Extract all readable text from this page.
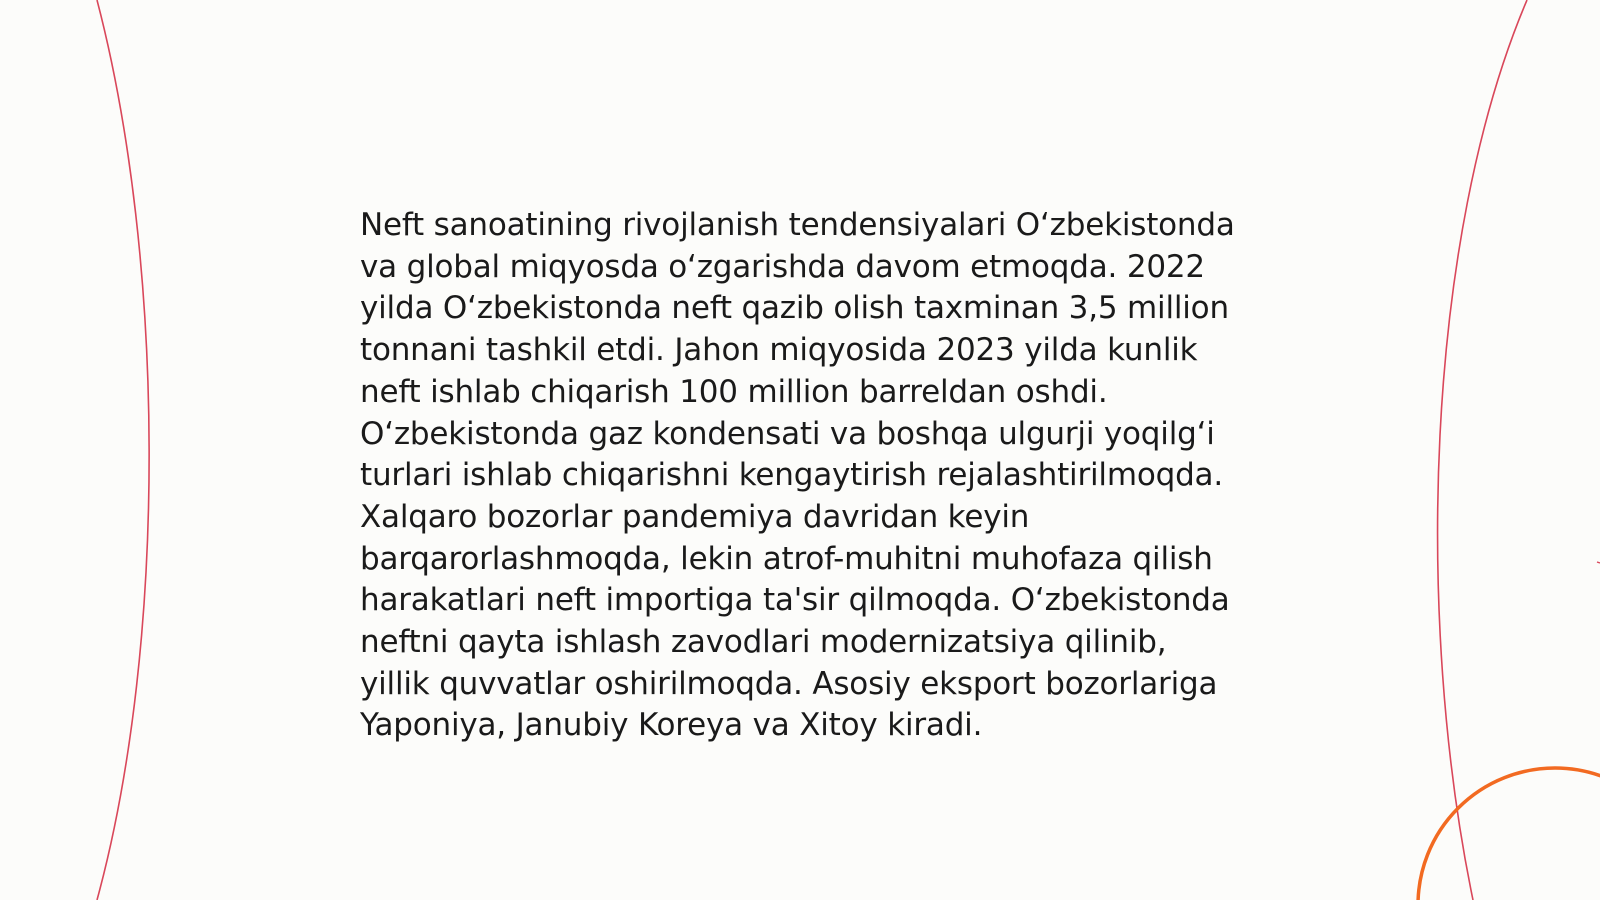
Neft sanoatining rivojlanish tendensiyalari O‘zbekistonda va global miqyosda o‘zgarishda davom etmoqda. 2022 yilda O‘zbekistonda neft qazib olish taxminan 3,5 million tonnani tashkil etdi. Jahon miqyosida 2023 yilda kunlik neft ishlab chiqarish 100 million barreldan oshdi. O‘zbekistonda gaz kondensati va boshqa ulgurji yoqilg‘i turlari ishlab chiqarishni kengaytirish rejalashtirilmoqda. Xalqaro bozorlar pandemiya davridan keyin barqarorlashmoqda, lekin atrof-muhitni muhofaza qilish harakatlari neft importiga ta'sir qilmoqda. O‘zbekistonda neftni qayta ishlash zavodlari modernizatsiya qilinib, yillik quvvatlar oshirilmoqda. Asosiy eksport bozorlariga Yaponiya, Janubiy Koreya va Xitoy kiradi.
